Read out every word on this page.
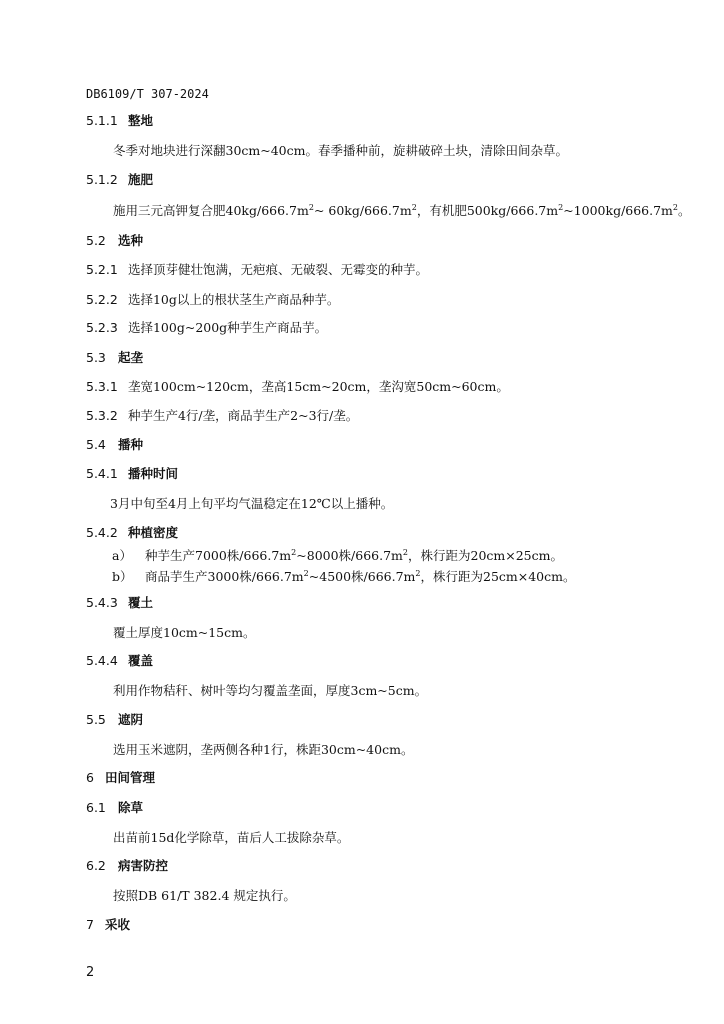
DB6109/T 307-2024
5.1.1 整地
冬季对地块进行深翻30cm~40cm。春季播种前，旋耕破碎土块，清除田间杂草。
5.1.2 施肥
施用三元高钾复合肥$40kg/666.7m^2\sim$ $60kg/666.7m^2$，有机肥$500kg/666.7m^2\sim 1000kg/666.7m^2$。
5.2 选种
5.2.1 选择顶芽健壮饱满，无疤痕、无破裂、无霉变的种芋。
5.2.2 选择10g以上的根状茎生产商品种芋。
5.2.3 选择100g~200g种芋生产商品芋。
5.3 起垄
5.3.1 垄宽100cm~120cm，垄高15cm~20cm，垄沟宽50cm~60cm。
5.3.2 种芋生产4行/垄，商品芋生产2~3行/垄。
5.4 播种
5.4.1 播种时间
3月中旬至4月上旬平均气温稳定在12℃以上播种。
5.4.2 种植密度
a） 种芋生产7000株$/666.7m^2\sim 8000$株$/666.7m^2$，株行距为20cm×25cm。
b） 商品芋生产3000株$/666.7m^2\sim 4500$株$/666.7m^2$，株行距为25cm×40cm。
5.4.3 覆土
覆土厚度10cm~15cm。
5.4.4 覆盖
利用作物秸秆、树叶等均匀覆盖垄面，厚度3cm~5cm。
5.5 遮阴
选用玉米遮阴，垄两侧各种1行，株距30cm~40cm。
6 田间管理
6.1 除草
出苗前15d化学除草，苗后人工拔除杂草。
6.2 病害防控
按照DB 61/T 382.4 规定执行。
7 采收
2
